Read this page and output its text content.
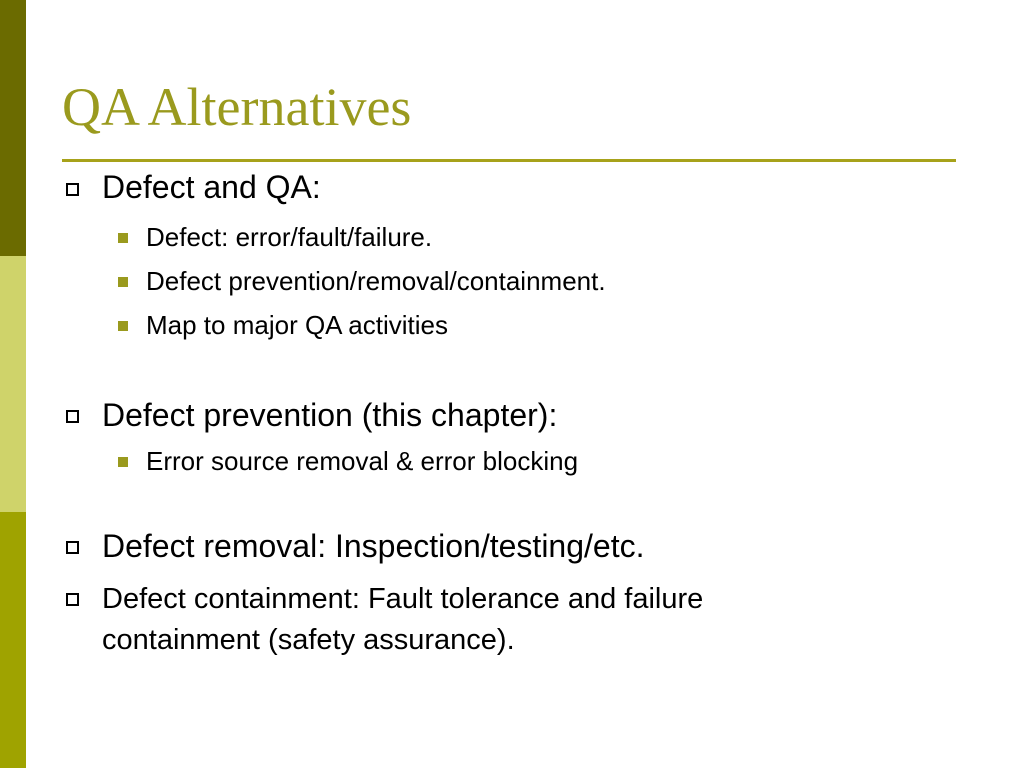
QA Alternatives
Defect and QA:
Defect: error/fault/failure.
Defect prevention/removal/containment.
Map to major QA activities
Defect prevention (this chapter):
Error source removal & error blocking
Defect removal: Inspection/testing/etc.
Defect containment: Fault tolerance and failure containment (safety assurance).
